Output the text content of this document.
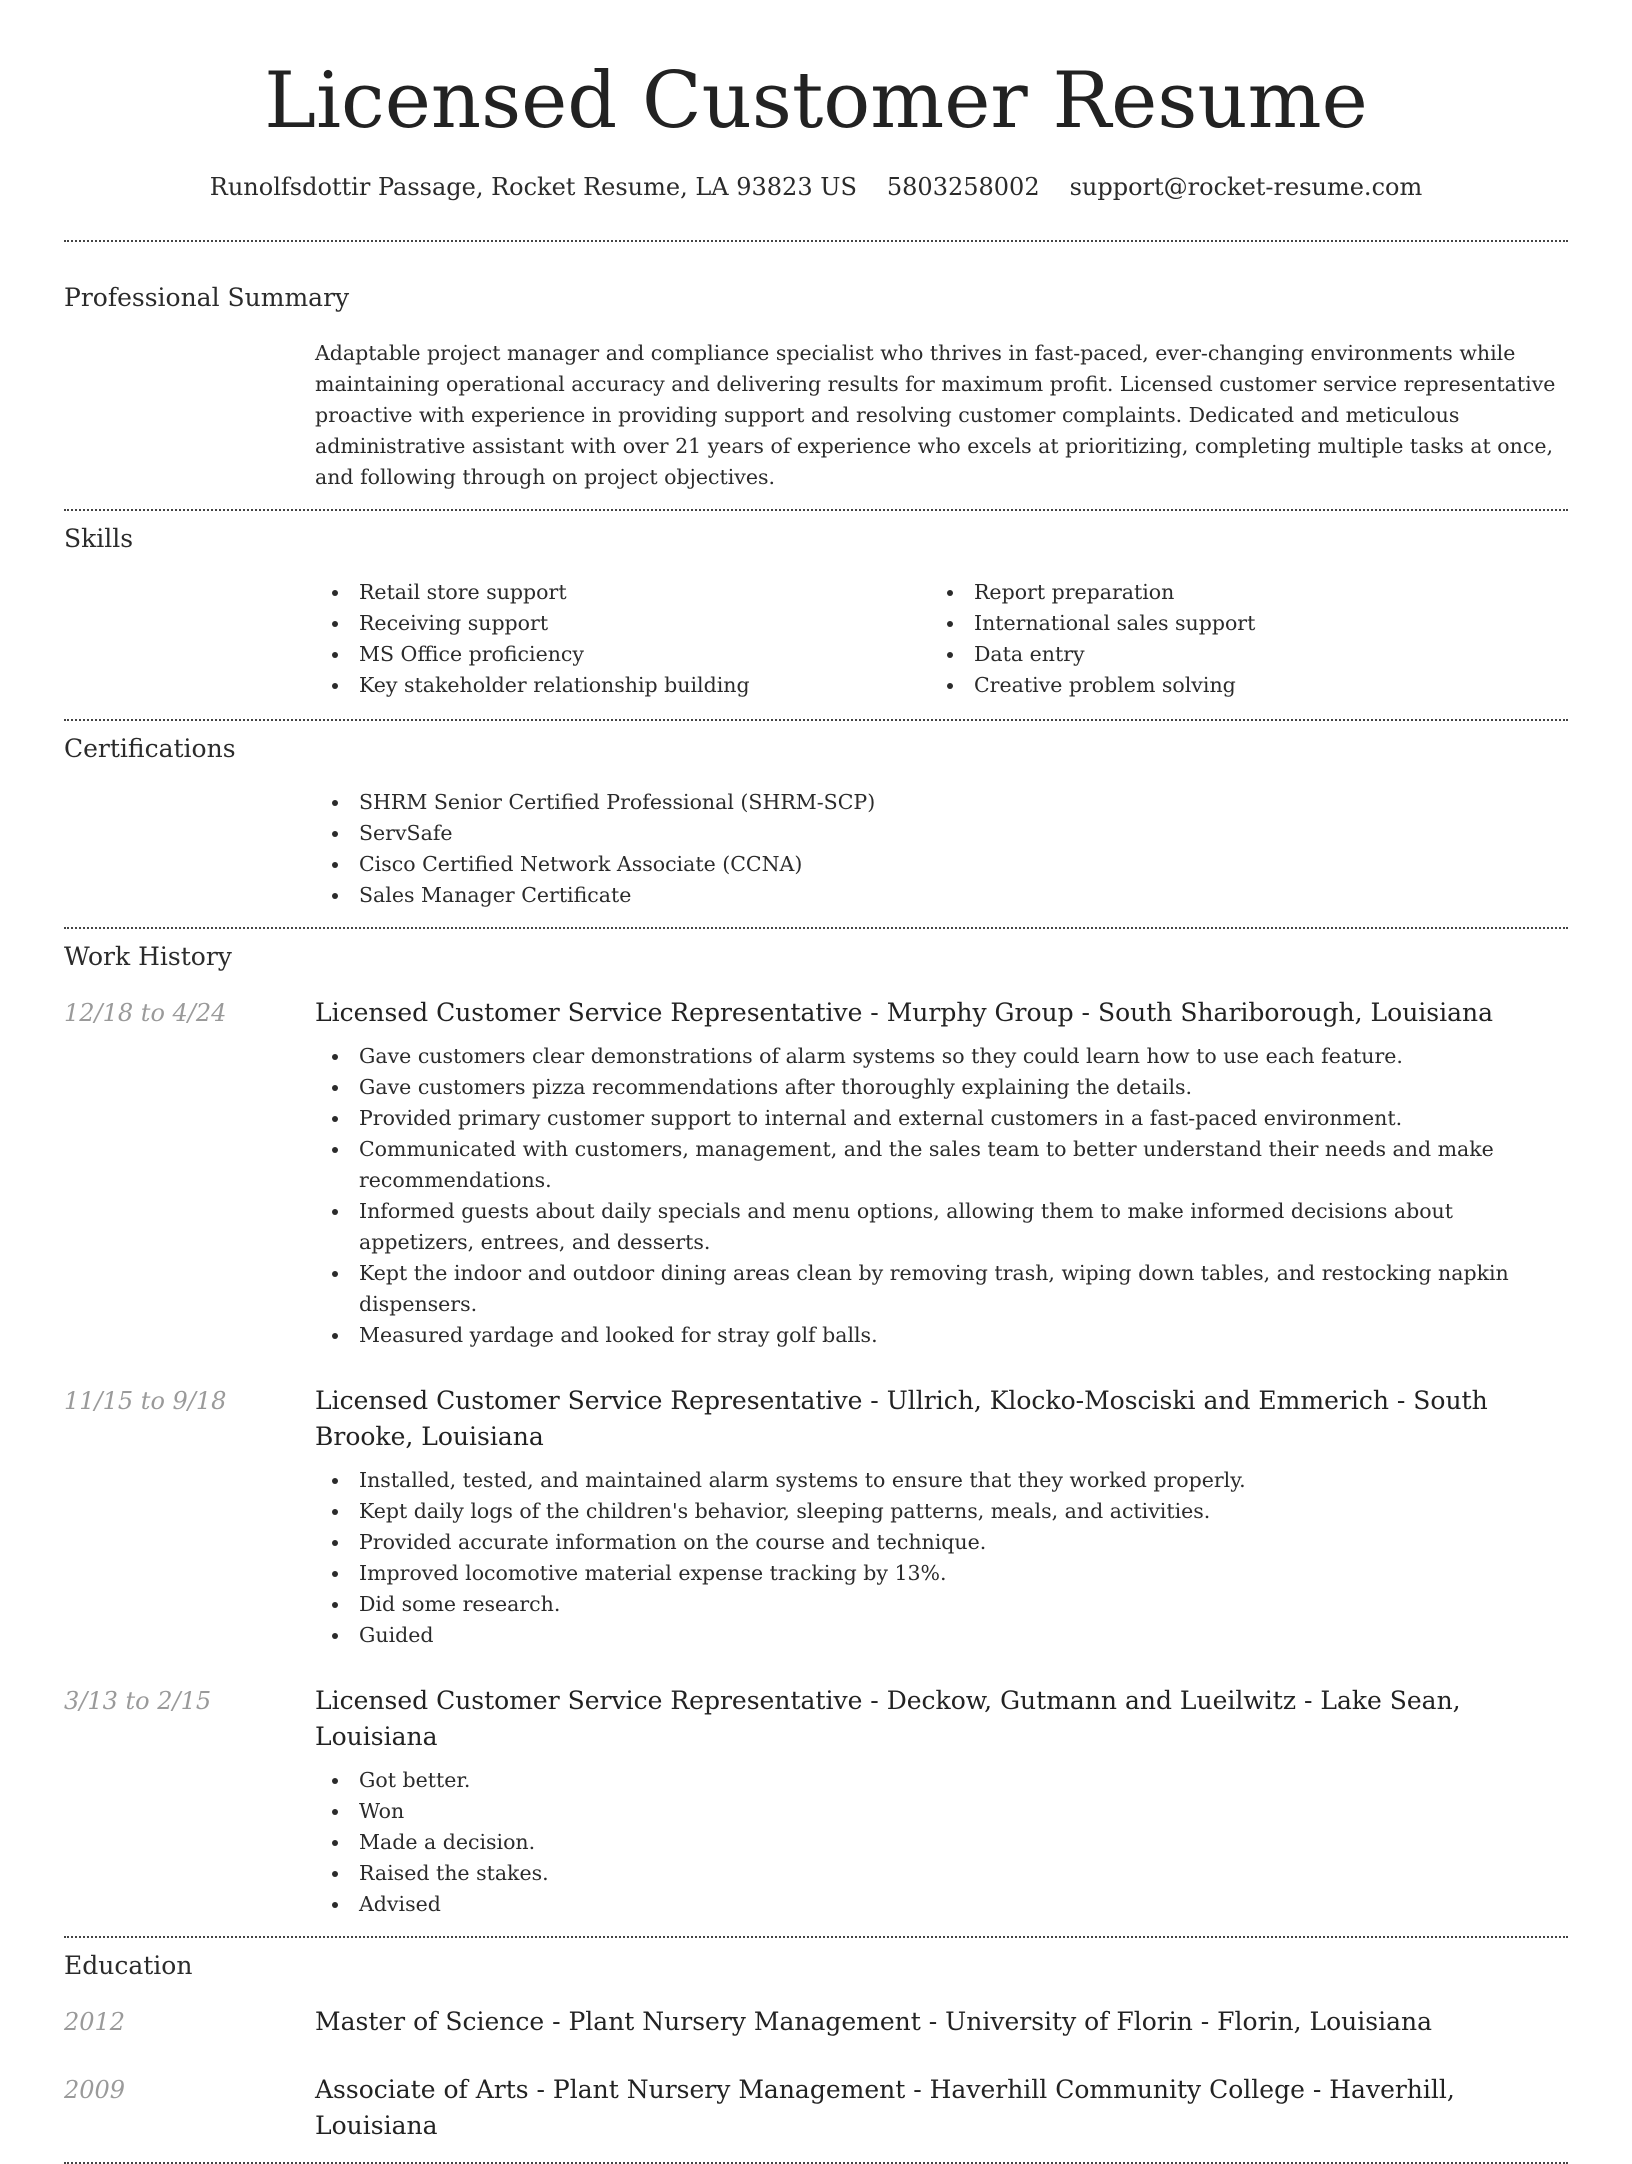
Licensed Customer Resume
Runolfsdottir Passage, Rocket Resume, LA 93823 US 5803258002 support@rocket-resume.com
Professional Summary

Adaptable project manager and compliance specialist who thrives in fast-paced, ever-changing environments while maintaining operational accuracy and delivering results for maximum profit. Licensed customer service representative proactive with experience in providing support and resolving customer complaints. Dedicated and meticulous administrative assistant with over 21 years of experience who excels at prioritizing, completing multiple tasks at once, and following through on project objectives.

Skills
Retail store support
Receiving support
MS Office proficiency
Key stakeholder relationship building
Report preparation
International sales support
Data entry
Creative problem solving
Certifications
SHRM Senior Certified Professional (SHRM-SCP)
ServSafe
Cisco Certified Network Associate (CCNA)
Sales Manager Certificate
Work History
12/18 to 4/24	Licensed Customer Service Representative - Murphy Group - South Shariborough, Louisiana

Gave customers clear demonstrations of alarm systems so they could learn how to use each feature.
Gave customers pizza recommendations after thoroughly explaining the details.
Provided primary customer support to internal and external customers in a fast-paced environment.
Communicated with customers, management, and the sales team to better understand their needs and make recommendations.
Informed guests about daily specials and menu options, allowing them to make informed decisions about appetizers, entrees, and desserts.
Kept the indoor and outdoor dining areas clean by removing trash, wiping down tables, and restocking napkin dispensers.
Measured yardage and looked for stray golf balls.
11/15 to 9/18	Licensed Customer Service Representative - Ullrich, Klocko-Mosciski and Emmerich - South Brooke, Louisiana

Installed, tested, and maintained alarm systems to ensure that they worked properly.
Kept daily logs of the children's behavior, sleeping patterns, meals, and activities.
Provided accurate information on the course and technique.
Improved locomotive material expense tracking by 13%.
Did some research.
Guided
3/13 to 2/15	Licensed Customer Service Representative - Deckow, Gutmann and Lueilwitz - Lake Sean, Louisiana

Got better.
Won
Made a decision.
Raised the stakes.
Advised
Education
2012	Master of Science - Plant Nursery Management - University of Florin - Florin, Louisiana

2009	Associate of Arts - Plant Nursery Management - Haverhill Community College - Haverhill, Louisiana
